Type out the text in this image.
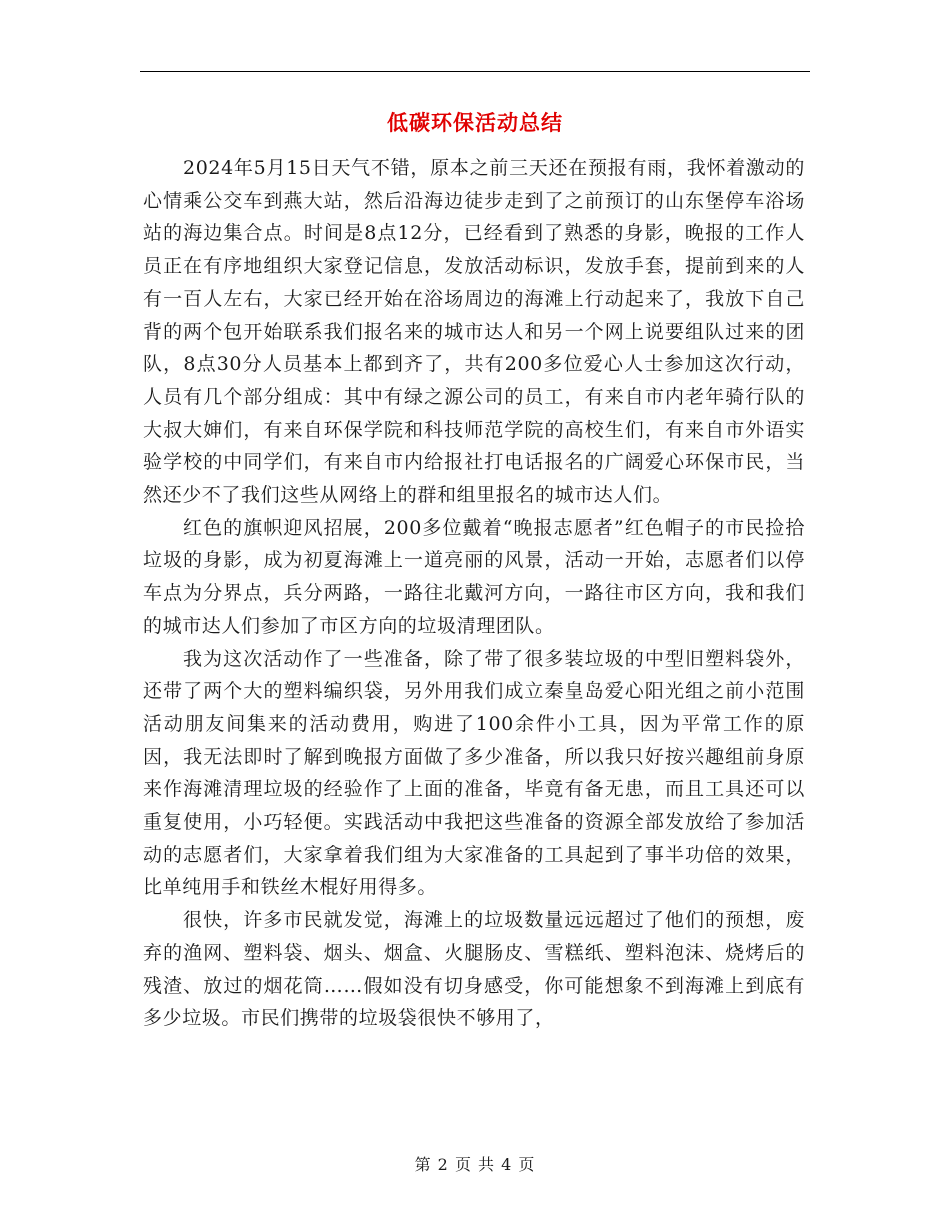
低碳环保活动总结

2024年5月15日天气不错，原本之前三天还在预报有雨，我怀着激动的心情乘公交车到燕大站，然后沿海边徒步走到了之前预订的山东堡停车浴场站的海边集合点。时间是8点12分，已经看到了熟悉的身影，晚报的工作人员正在有序地组织大家登记信息，发放活动标识，发放手套，提前到来的人有一百人左右，大家已经开始在浴场周边的海滩上行动起来了，我放下自己背的两个包开始联系我们报名来的城市达人和另一个网上说要组队过来的团队，8点30分人员基本上都到齐了，共有200多位爱心人士参加这次行动，人员有几个部分组成：其中有绿之源公司的员工，有来自市内老年骑行队的大叔大婶们，有来自环保学院和科技师范学院的高校生们，有来自市外语实验学校的中同学们，有来自市内给报社打电话报名的广阔爱心环保市民，当然还少不了我们这些从网络上的群和组里报名的城市达人们。

红色的旗帜迎风招展，200多位戴着“晚报志愿者”红色帽子的市民捡拾垃圾的身影，成为初夏海滩上一道亮丽的风景，活动一开始，志愿者们以停车点为分界点，兵分两路，一路往北戴河方向，一路往市区方向，我和我们的城市达人们参加了市区方向的垃圾清理团队。

我为这次活动作了一些准备，除了带了很多装垃圾的中型旧塑料袋外，还带了两个大的塑料编织袋，另外用我们成立秦皇岛爱心阳光组之前小范围活动朋友间集来的活动费用，购进了100余件小工具，因为平常工作的原因，我无法即时了解到晚报方面做了多少准备，所以我只好按兴趣组前身原来作海滩清理垃圾的经验作了上面的准备，毕竟有备无患，而且工具还可以重复使用，小巧轻便。实践活动中我把这些准备的资源全部发放给了参加活动的志愿者们，大家拿着我们组为大家准备的工具起到了事半功倍的效果，比单纯用手和铁丝木棍好用得多。

很快，许多市民就发觉，海滩上的垃圾数量远远超过了他们的预想，废弃的渔网、塑料袋、烟头、烟盒、火腿肠皮、雪糕纸、塑料泡沫、烧烤后的残渣、放过的烟花筒……假如没有切身感受，你可能想象不到海滩上到底有多少垃圾。市民们携带的垃圾袋很快不够用了，

第 2 页 共 4 页
